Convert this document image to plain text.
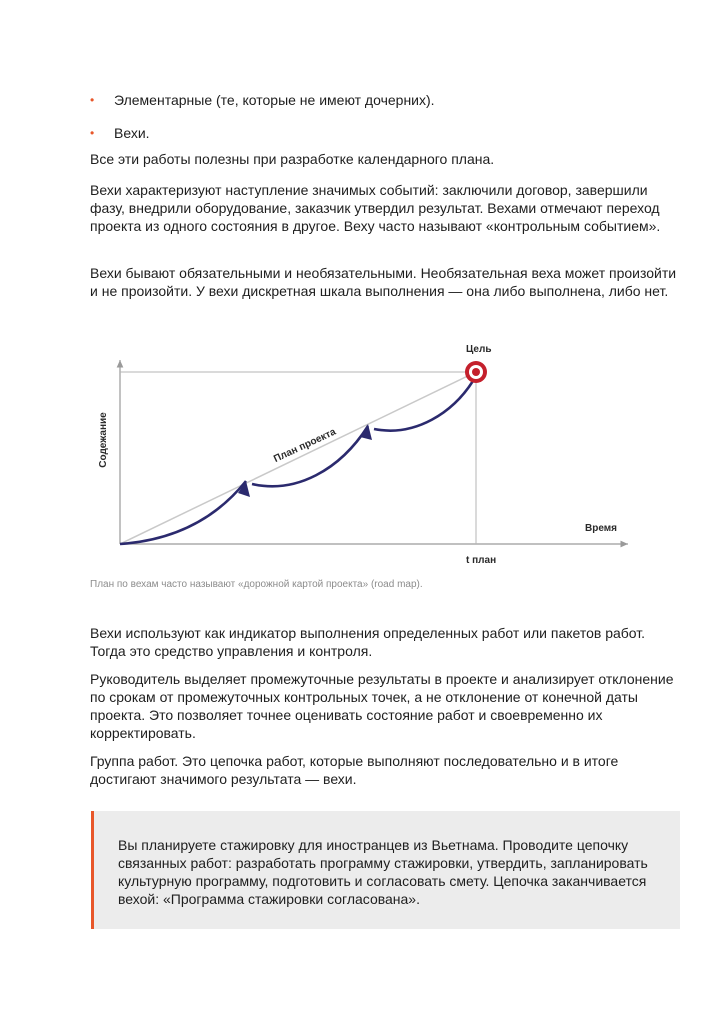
• Элементарные (те, которые не имеют дочерних).
• Вехи.

Все эти работы полезны при разработке календарного плана.

Вехи характеризуют наступление значимых событий: заключили договор, завершили фазу, внедрили оборудование, заказчик утвердил результат. Вехами отмечают переход проекта из одного состояния в другое. Веху часто называют «контрольным событием».

Вехи бывают обязательными и необязательными. Необязательная веха может произойти и не произойти. У вехи дискретная шкала выполнения — она либо выполнена, либо нет.

Цель
Содежание
Время
t план
План проекта

План по вехам часто называют «дорожной картой проекта» (road map).

Вехи используют как индикатор выполнения определенных работ или пакетов работ. Тогда это средство управления и контроля.

Руководитель выделяет промежуточные результаты в проекте и анализирует отклонение по срокам от промежуточных контрольных точек, а не отклонение от конечной даты проекта. Это позволяет точнее оценивать состояние работ и своевременно их корректировать.

Группа работ. Это цепочка работ, которые выполняют последовательно и в итоге достигают значимого результата — вехи.

Вы планируете стажировку для иностранцев из Вьетнама. Проводите цепочку связанных работ: разработать программу стажировки, утвердить, запланировать культурную программу, подготовить и согласовать смету. Цепочка заканчивается вехой: «Программа стажировки согласована».
